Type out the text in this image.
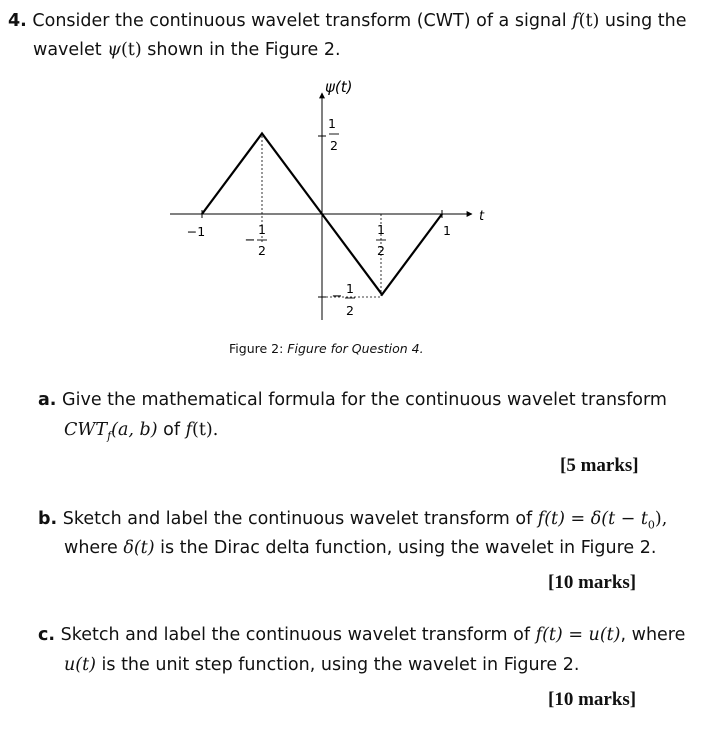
4. Consider the continuous wavelet transform (CWT) of a signal f(t) using the
wavelet ψ(t) shown in the Figure 2.
ψ(t)
t
1
2
−
1
2
−1
−
1
2
1
2
1
Figure 2: Figure for Question 4.
a. Give the mathematical formula for the continuous wavelet transform
$CWT_f(a$, b) of f(t).
[5 marks]
b. Sketch and label the continuous wavelet transform of $f(t) = \delta(t - t_0)$,
where δ(t) is the Dirac delta function, using the wavelet in Figure 2.
[10 marks]
c. Sketch and label the continuous wavelet transform of f(t) = u(t), where
u(t) is the unit step function, using the wavelet in Figure 2.
[10 marks]
